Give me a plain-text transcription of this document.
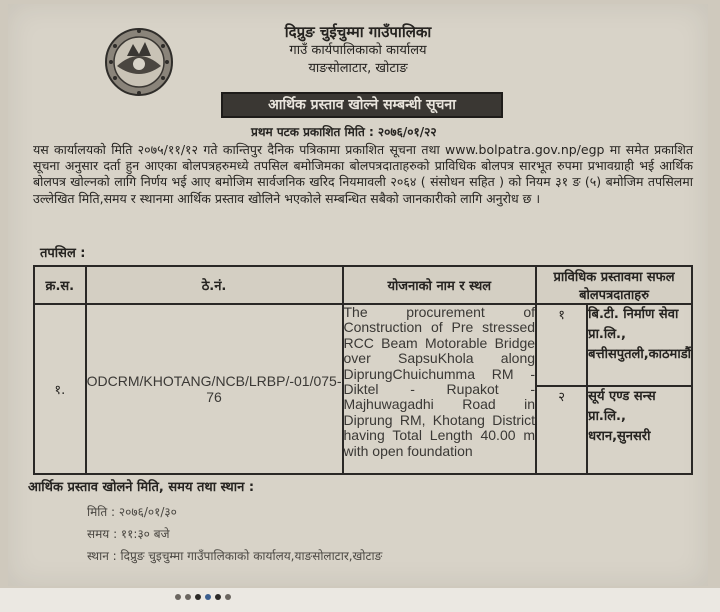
दिप्रुङ चुईचुम्मा गाउँपालिका
गाउँ कार्यपालिकाको कार्यालय
याङसोलाटार, खोटाङ
आर्थिक प्रस्ताव खोल्ने सम्बन्धी सूचना
प्रथम पटक प्रकाशित मिति : २०७६/०१/२२
यस कार्यालयको मिति २०७५/११/१२ गते कान्तिपुर दैनिक पत्रिकामा प्रकाशित सूचना तथा www.bolpatra.gov.np/egp मा समेत प्रकाशित सूचना अनुसार दर्ता हुन आएका बोलपत्रहरुमध्ये तपसिल बमोजिमका बोलपत्रदाताहरुको प्राविधिक बोलपत्र सारभूत रुपमा प्रभावग्राही भई आर्थिक बोलपत्र खोल्नको लागि निर्णय भई आए बमोजिम सार्वजनिक खरिद नियमावली २०६४ ( संसोधन सहित ) को नियम ३१ ङ (५) बमोजिम तपसिलमा उल्लेखित मिति,समय र स्थानमा आर्थिक प्रस्ताव खोलिने भएकोले सम्बन्धित सबैको जानकारीको लागि अनुरोध छ ।
तपसिल :
क्र.स.	ठे.नं.	योजनाको नाम र स्थल	प्राविधिक प्रस्तावमा सफल बोलपत्रदाताहरु	
१.	ODCRM/KHOTANG/NCB/LRBP/-01/075-76	The procurement of Construction of Pre stressed RCC Beam Motorable Bridge over SapsuKhola along DiprungChuichumma RM - Diktel - Rupakot - Majhuwagadhi Road in Diprung RM, Khotang District having Total Length 40.00 m with open foundation	१	बि.टी. निर्माण सेवा प्रा.लि., बत्तीसपुतली,काठमाडौं
			२	सूर्य एण्ड सन्स प्रा.लि., धरान,सुनसरी
आर्थिक प्रस्ताव खोलने मिति, समय तथा स्थान :
मिति : २०७६/०१/३०
समय : ११:३० बजे
स्थान : दिप्रुङ चुइचुम्मा गाउँपालिकाको कार्यालय,याङसोलाटार,खोटाङ
